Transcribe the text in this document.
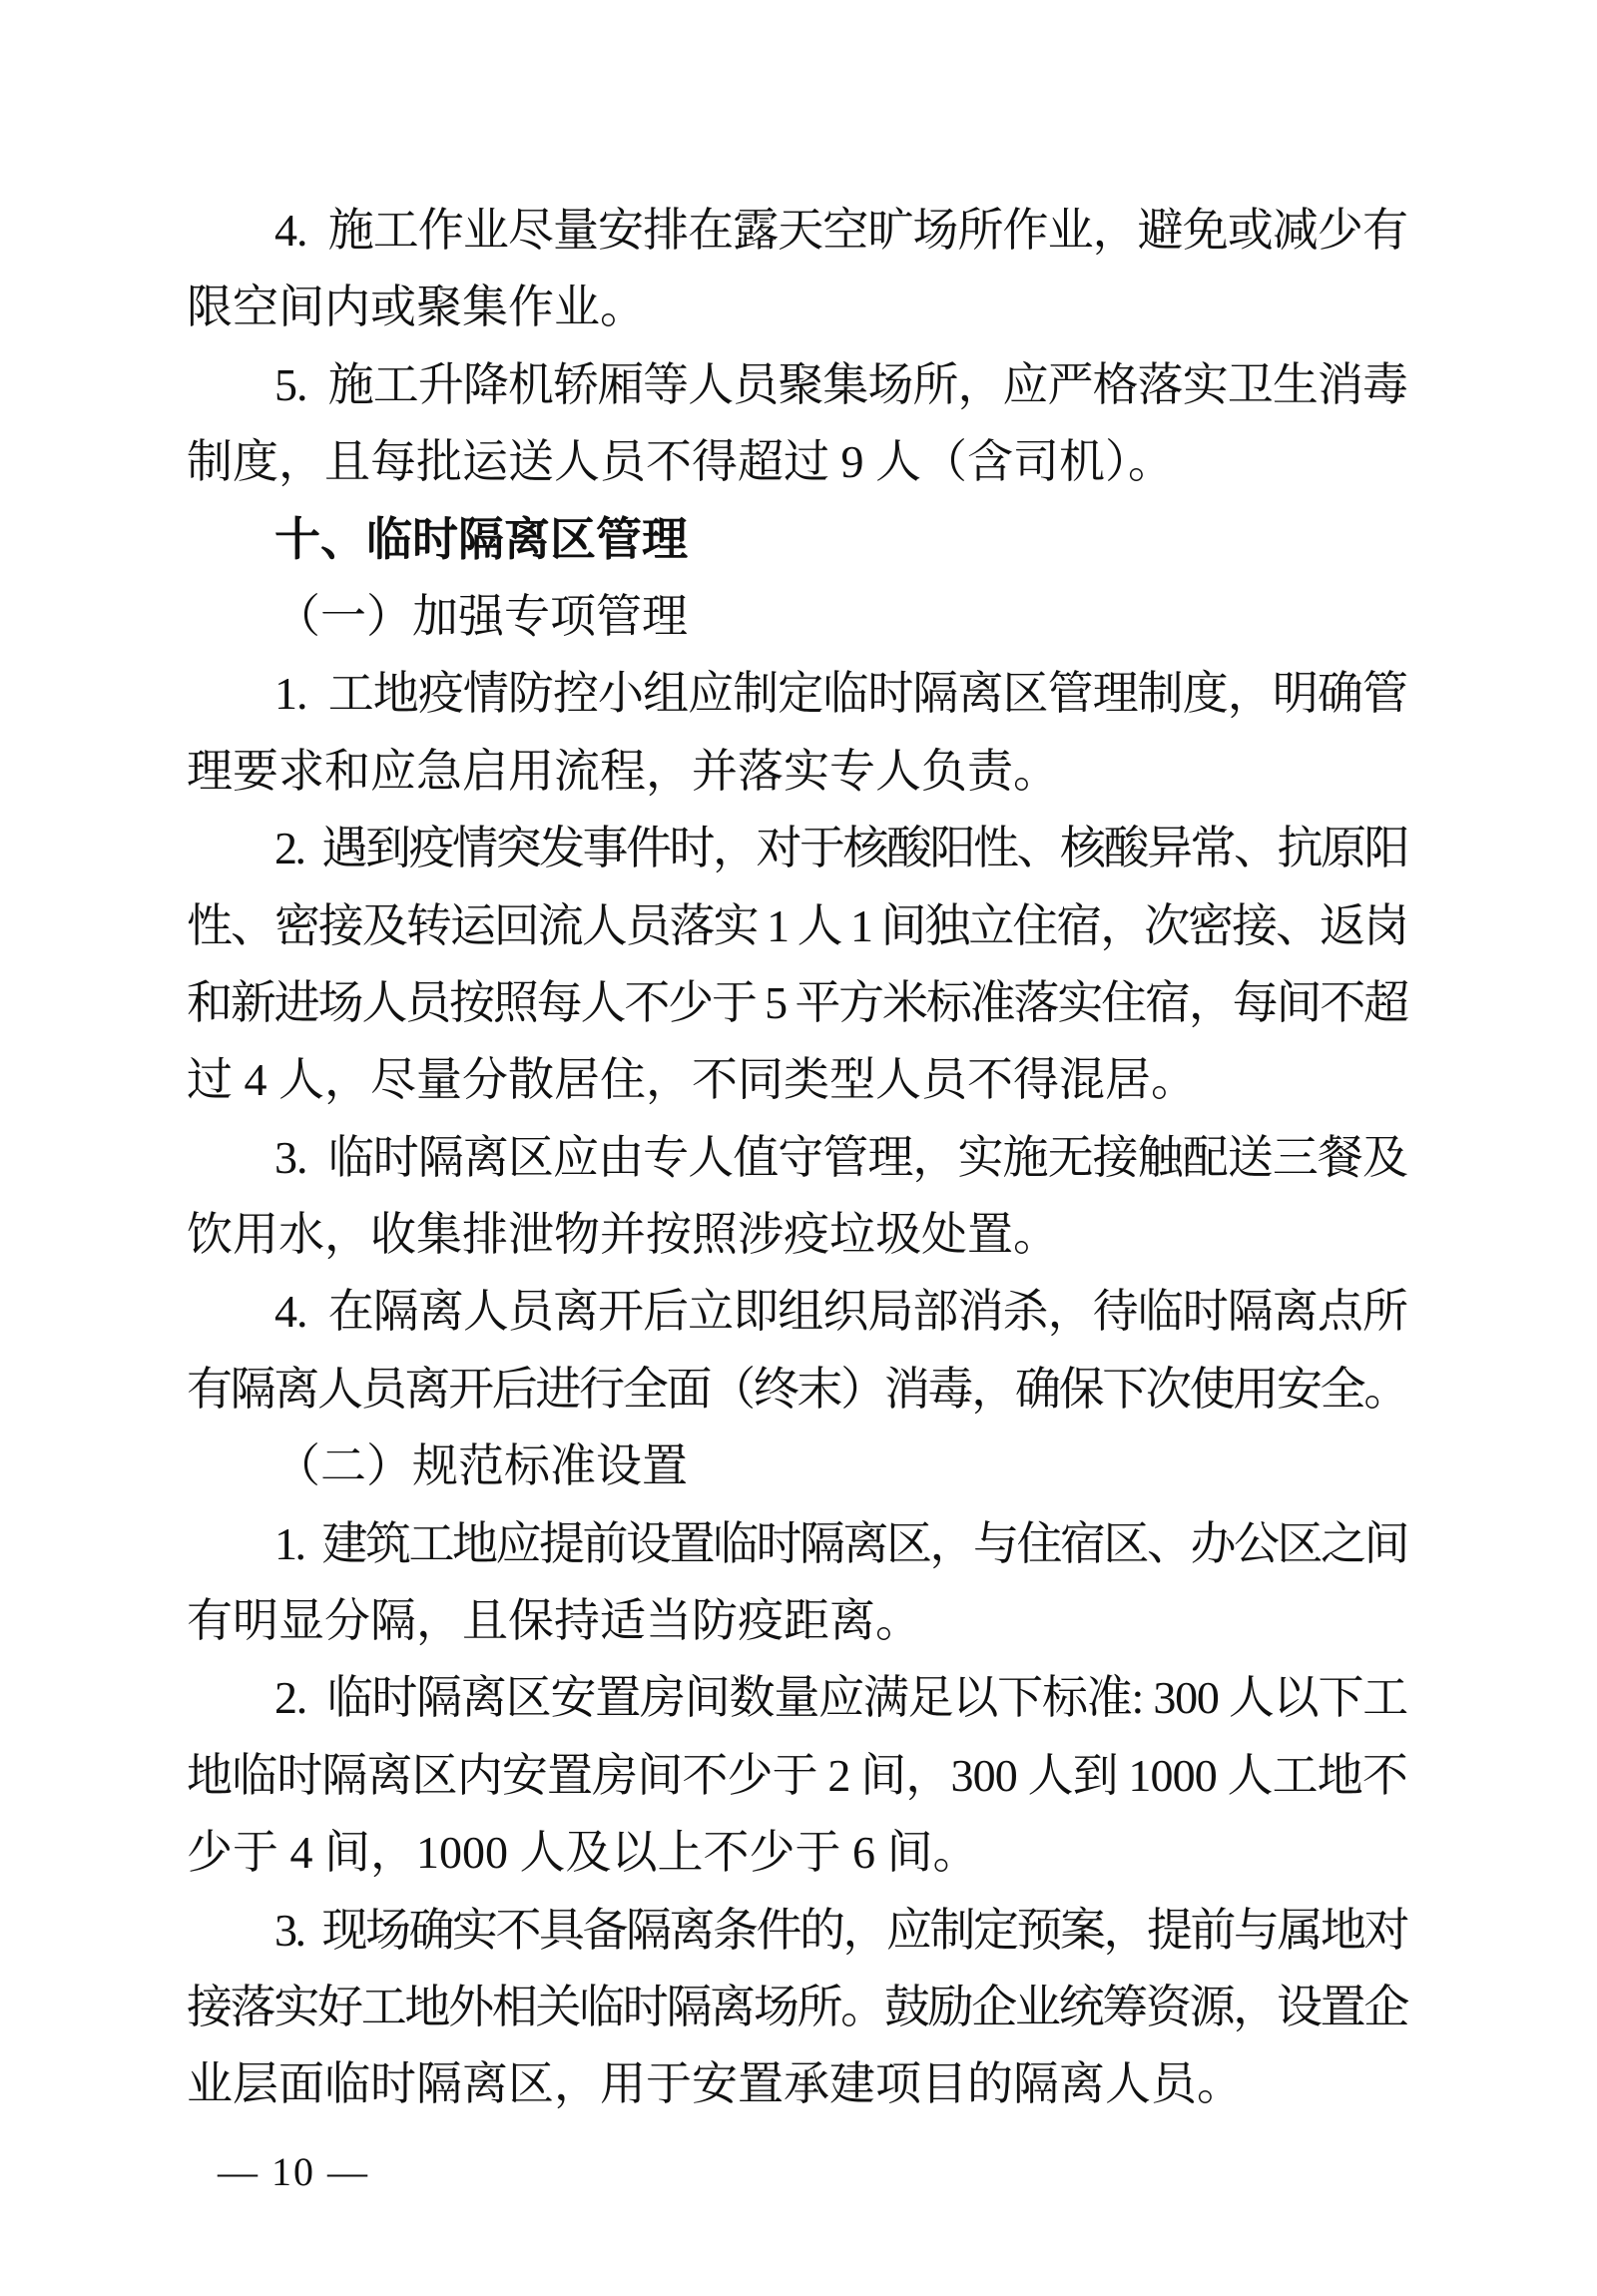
4.  施工作业尽量安排在露天空旷场所作业，避免或减少有
限空间内或聚集作业。
5.  施工升降机轿厢等人员聚集场所，应严格落实卫生消毒
制度，且每批运送人员不得超过 9 人（含司机）。
十、临时隔离区管理
（一）加强专项管理
1.  工地疫情防控小组应制定临时隔离区管理制度，明确管
理要求和应急启用流程，并落实专人负责。
2.  遇到疫情突发事件时，对于核酸阳性、核酸异常、抗原阳
性、密接及转运回流人员落实 1 人 1 间独立住宿，次密接、返岗
和新进场人员按照每人不少于 5 平方米标准落实住宿，每间不超
过 4 人，尽量分散居住，不同类型人员不得混居。
3.  临时隔离区应由专人值守管理，实施无接触配送三餐及
饮用水，收集排泄物并按照涉疫垃圾处置。
4.  在隔离人员离开后立即组织局部消杀，待临时隔离点所
有隔离人员离开后进行全面（终末）消毒，确保下次使用安全。
（二）规范标准设置
1.  建筑工地应提前设置临时隔离区，与住宿区、办公区之间
有明显分隔，且保持适当防疫距离。
2.  临时隔离区安置房间数量应满足以下标准: 300 人以下工
地临时隔离区内安置房间不少于 2 间，300 人到 1000 人工地不
少于 4 间，1000 人及以上不少于 6 间。
3.  现场确实不具备隔离条件的，应制定预案，提前与属地对
接落实好工地外相关临时隔离场所。鼓励企业统筹资源，设置企
业层面临时隔离区，用于安置承建项目的隔离人员。
— 10 —
